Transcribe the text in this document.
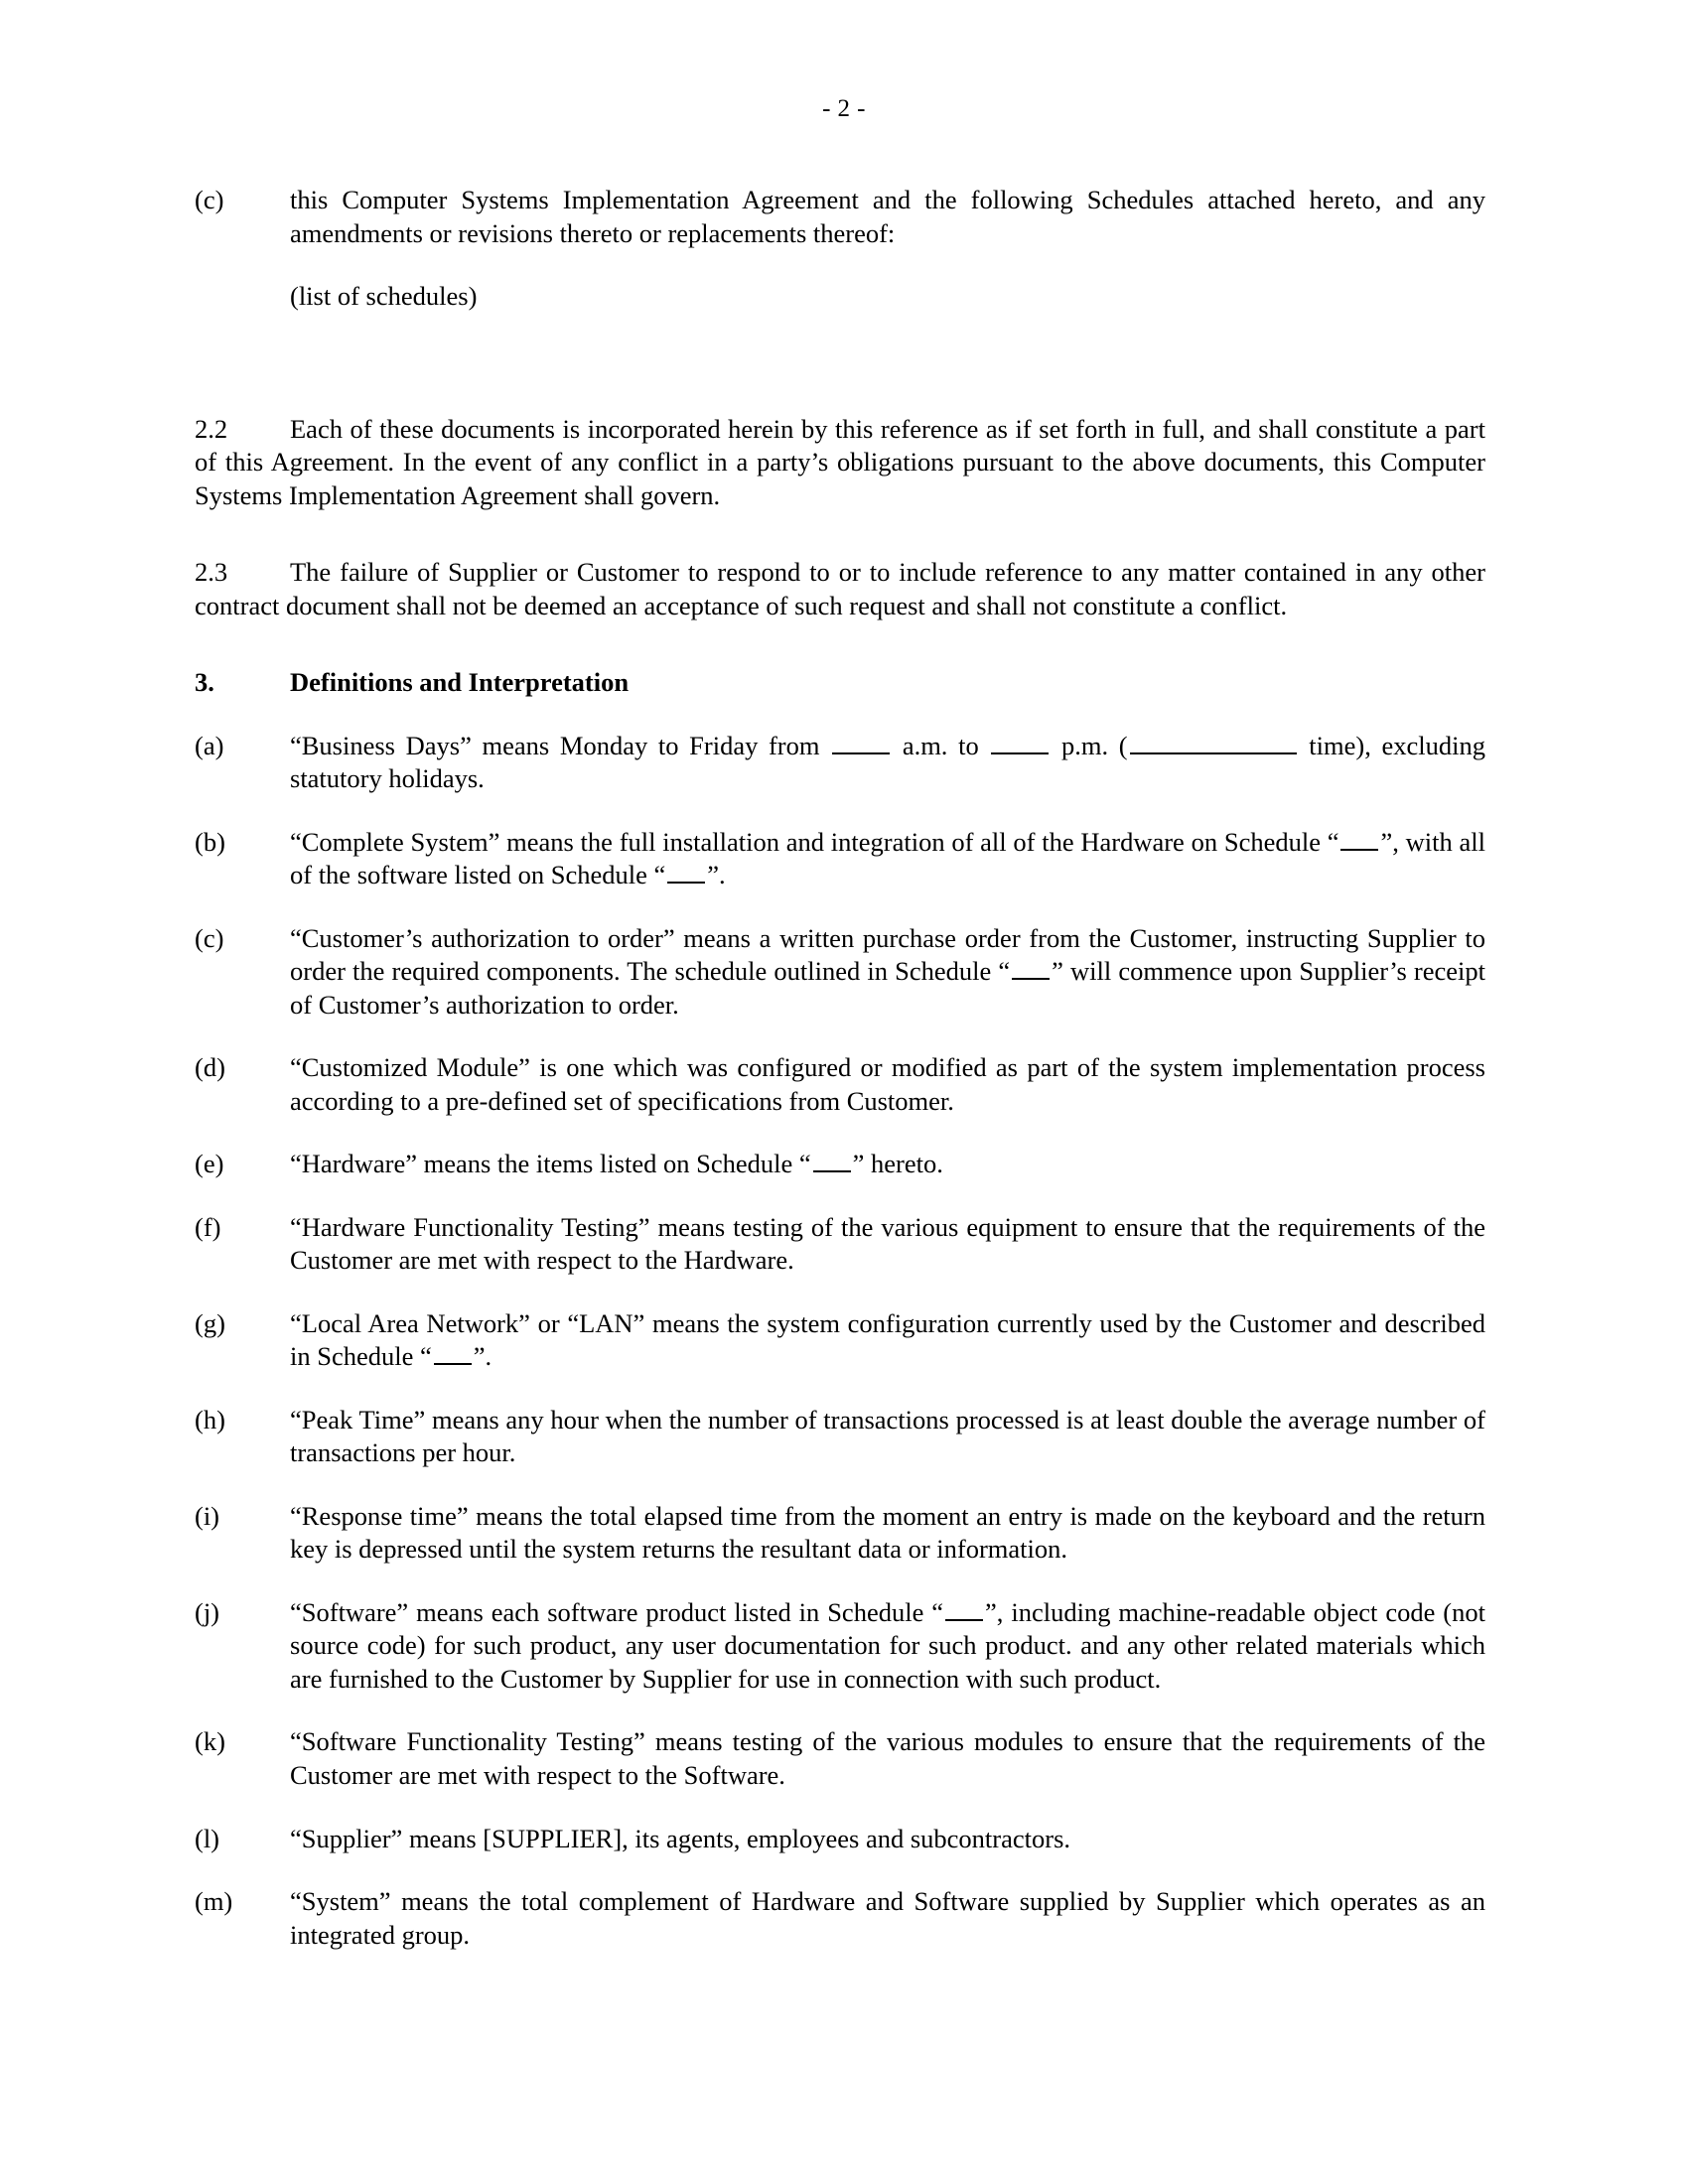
- 2 -
(c)	this Computer Systems Implementation Agreement and the following Schedules attached hereto, and any amendments or revisions thereto or replacements thereof:
(list of schedules)
2.2 Each of these documents is incorporated herein by this reference as if set forth in full, and shall constitute a part of this Agreement. In the event of any conflict in a party’s obligations pursuant to the above documents, this Computer Systems Implementation Agreement shall govern.
2.3 The failure of Supplier or Customer to respond to or to include reference to any matter contained in any other contract document shall not be deemed an acceptance of such request and shall not constitute a conflict.
3.	Definitions and Interpretation
(a)	“Business Days” means Monday to Friday from  a.m. to  p.m. (	time), excluding statutory holidays.
(b)	“Complete System” means the full installation and integration of all of the Hardware on Schedule “ ”, with all of the software listed on Schedule “ ”.
(c)	“Customer’s authorization to order” means a written purchase order from the Customer, instructing Supplier to order the required components. The schedule outlined in Schedule “ ” will commence upon Supplier’s receipt of Customer’s authorization to order.
(d)	“Customized Module” is one which was configured or modified as part of the system implementation process according to a pre-defined set of specifications from Customer.
(e)	“Hardware” means the items listed on Schedule “ ” hereto.
(f)	“Hardware Functionality Testing” means testing of the various equipment to ensure that the requirements of the Customer are met with respect to the Hardware.
(g)	“Local Area Network” or “LAN” means the system configuration currently used by the Customer and described in Schedule “ ”.
(h)	“Peak Time” means any hour when the number of transactions processed is at least double the average number of transactions per hour.
(i)	“Response time” means the total elapsed time from the moment an entry is made on the keyboard and the return key is depressed until the system returns the resultant data or information.
(j)	“Software” means each software product listed in Schedule “ ”, including machine-readable object code (not source code) for such product, any user documentation for such product. and any other related materials which are furnished to the Customer by Supplier for use in connection with such product.
(k)	“Software Functionality Testing” means testing of the various modules to ensure that the requirements of the Customer are met with respect to the Software.
(l)	“Supplier” means [SUPPLIER], its agents, employees and subcontractors.
(m)	“System” means the total complement of Hardware and Software supplied by Supplier which operates as an integrated group.
